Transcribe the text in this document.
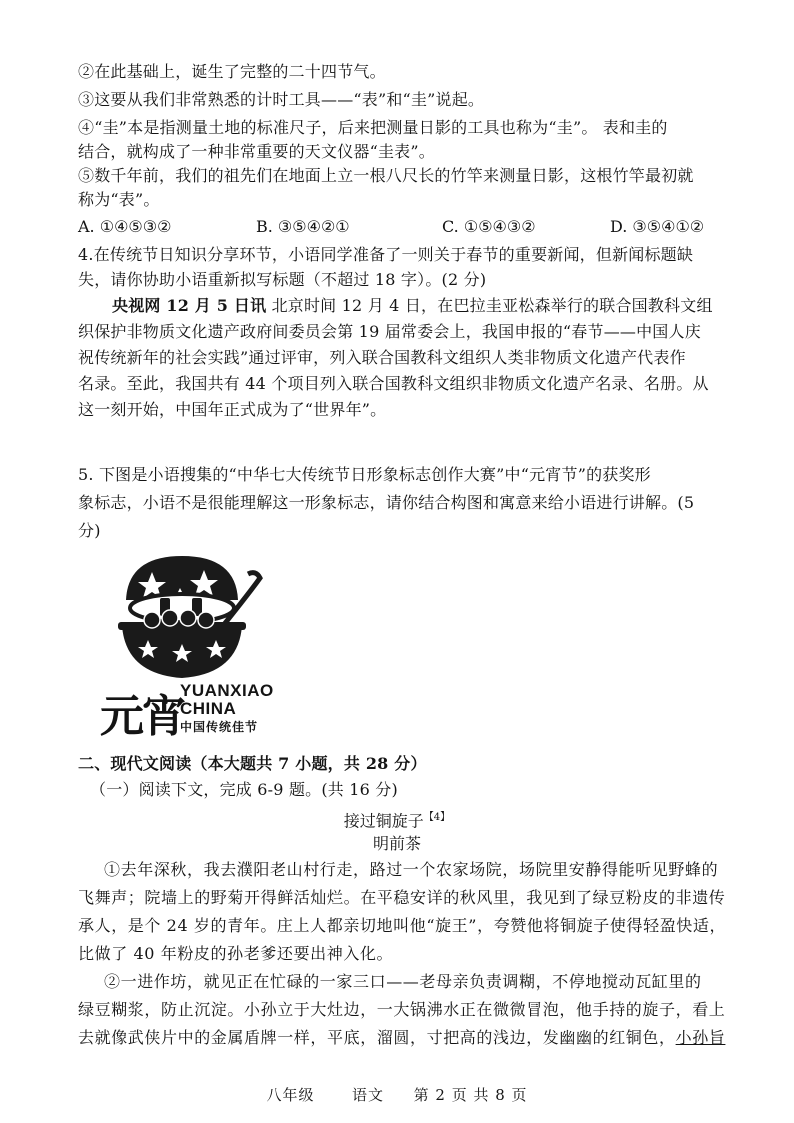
②在此基础上，诞生了完整的二十四节气。
③这要从我们非常熟悉的计时工具——“表”和“圭”说起。
④“圭”本是指测量土地的标准尺子，后来把测量日影的工具也称为“圭”。 表和圭的
结合，就构成了一种非常重要的天文仪器“圭表”。
⑤数千年前，我们的祖先们在地面上立一根八尺长的竹竿来测量日影，这根竹竿最初就
称为“表”。
A. ①④⑤③②	B. ③⑤④②①	C. ①⑤④③②	D. ③⑤④①②
4.在传统节日知识分享环节，小语同学准备了一则关于春节的重要新闻，但新闻标题缺
失，请你协助小语重新拟写标题（不超过 18 字）。(2 分)
央视网 12 月 5 日讯 北京时间 12 月 4 日，在巴拉圭亚松森举行的联合国教科文组
织保护非物质文化遗产政府间委员会第 19 届常委会上，我国申报的“春节——中国人庆
祝传统新年的社会实践”通过评审，列入联合国教科文组织人类非物质文化遗产代表作
名录。至此，我国共有 44 个项目列入联合国教科文组织非物质文化遗产名录、名册。从
这一刻开始，中国年正式成为了“世界年”。
5. 下图是小语搜集的“中华七大传统节日形象标志创作大赛”中“元宵节”的获奖形
象标志，小语不是很能理解这一形象标志，请你结合构图和寓意来给小语进行讲解。(5
分)
元宵
YUANXIAO
CHINA
中国传统佳节
二、现代文阅读（本大题共 7 小题，共 28 分）
（一）阅读下文，完成 6-9 题。(共 16 分)
接过铜旋子$^{【4】}$
明前茶
①去年深秋，我去濮阳老山村行走，路过一个农家场院，场院里安静得能听见野蜂的
飞舞声；院墙上的野菊开得鲜活灿烂。在平稳安详的秋风里，我见到了绿豆粉皮的非遗传
承人，是个 24 岁的青年。庄上人都亲切地叫他“旋王”，夸赞他将铜旋子使得轻盈快适，
比做了 40 年粉皮的孙老爹还要出神入化。
②一进作坊，就见正在忙碌的一家三口——老母亲负责调糊，不停地搅动瓦缸里的
绿豆糊浆，防止沉淀。小孙立于大灶边，一大锅沸水正在微微冒泡，他手持的旋子，看上
去就像武侠片中的金属盾牌一样，平底，溜圆，寸把高的浅边，发幽幽的红铜色，小孙旨
八年级	语文 第 2 页 共 8 页
